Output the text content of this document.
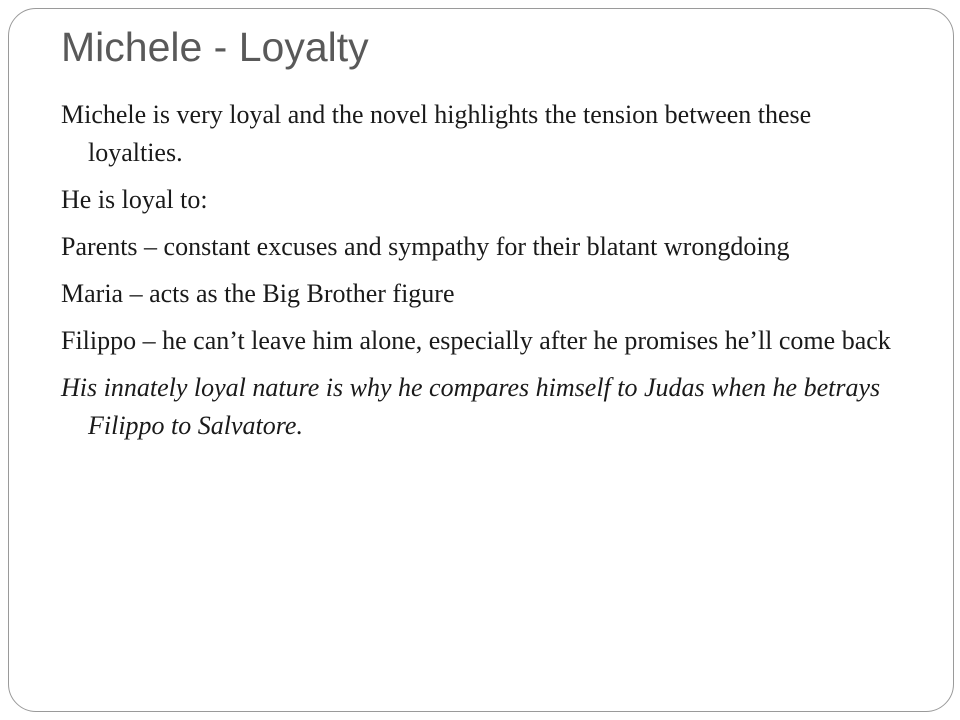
Michele - Loyalty

Michele is very loyal and the novel highlights the tension between these loyalties.

He is loyal to:

Parents – constant excuses and sympathy for their blatant wrongdoing

Maria – acts as the Big Brother figure

Filippo – he can’t leave him alone, especially after he promises he’ll come back

His innately loyal nature is why he compares himself to Judas when he betrays Filippo to Salvatore.
